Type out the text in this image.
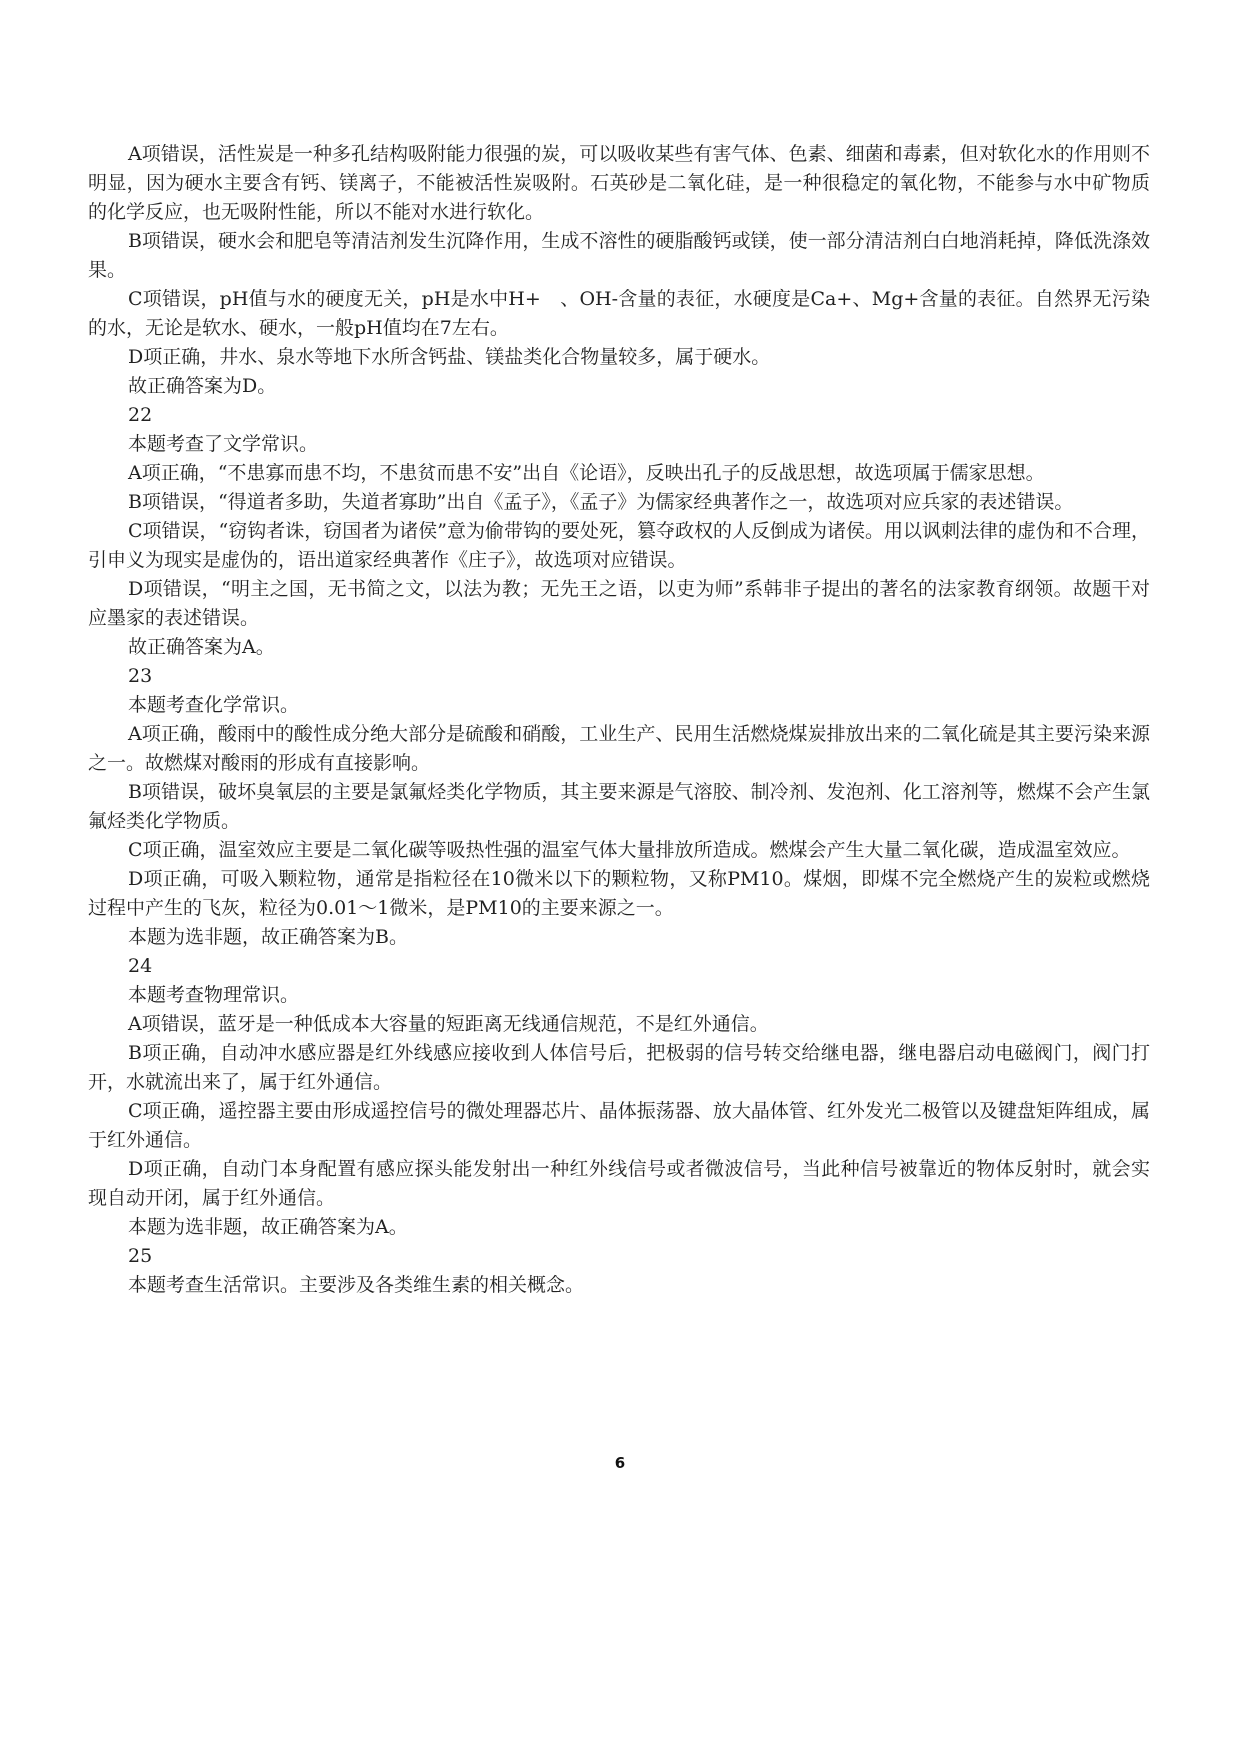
A项错误，活性炭是一种多孔结构吸附能力很强的炭，可以吸收某些有害气体、色素、细菌和毒素，但对软化水的作用则不明显，因为硬水主要含有钙、镁离子，不能被活性炭吸附。石英砂是二氧化硅，是一种很稳定的氧化物，不能参与水中矿物质的化学反应，也无吸附性能，所以不能对水进行软化。

B项错误，硬水会和肥皂等清洁剂发生沉降作用，生成不溶性的硬脂酸钙或镁，使一部分清洁剂白白地消耗掉，降低洗涤效果。

C项错误，pH值与水的硬度无关，pH是水中H+　、OH-含量的表征，水硬度是Ca+、Mg+含量的表征。自然界无污染的水，无论是软水、硬水，一般pH值均在7左右。

D项正确，井水、泉水等地下水所含钙盐、镁盐类化合物量较多，属于硬水。

故正确答案为D。

22

本题考查了文学常识。

A项正确，“不患寡而患不均，不患贫而患不安”出自《论语》，反映出孔子的反战思想，故选项属于儒家思想。

B项错误，“得道者多助，失道者寡助”出自《孟子》，《孟子》为儒家经典著作之一，故选项对应兵家的表述错误。

C项错误，“窃钩者诛，窃国者为诸侯”意为偷带钩的要处死，篡夺政权的人反倒成为诸侯。用以讽刺法律的虚伪和不合理，引申义为现实是虚伪的，语出道家经典著作《庄子》，故选项对应错误。

D项错误，“明主之国，无书简之文，以法为教；无先王之语，以吏为师”系韩非子提出的著名的法家教育纲领。故题干对应墨家的表述错误。

故正确答案为A。

23

本题考查化学常识。

A项正确，酸雨中的酸性成分绝大部分是硫酸和硝酸，工业生产、民用生活燃烧煤炭排放出来的二氧化硫是其主要污染来源之一。故燃煤对酸雨的形成有直接影响。

B项错误，破坏臭氧层的主要是氯氟烃类化学物质，其主要来源是气溶胶、制冷剂、发泡剂、化工溶剂等，燃煤不会产生氯氟烃类化学物质。

C项正确，温室效应主要是二氧化碳等吸热性强的温室气体大量排放所造成。燃煤会产生大量二氧化碳，造成温室效应。

D项正确，可吸入颗粒物，通常是指粒径在10微米以下的颗粒物，又称PM10。煤烟，即煤不完全燃烧产生的炭粒或燃烧过程中产生的飞灰，粒径为0.01～1微米，是PM10的主要来源之一。

本题为选非题，故正确答案为B。

24

本题考查物理常识。

A项错误，蓝牙是一种低成本大容量的短距离无线通信规范，不是红外通信。

B项正确，自动冲水感应器是红外线感应接收到人体信号后，把极弱的信号转交给继电器，继电器启动电磁阀门，阀门打开，水就流出来了，属于红外通信。

C项正确，遥控器主要由形成遥控信号的微处理器芯片、晶体振荡器、放大晶体管、红外发光二极管以及键盘矩阵组成，属于红外通信。

D项正确，自动门本身配置有感应探头能发射出一种红外线信号或者微波信号，当此种信号被靠近的物体反射时，就会实现自动开闭，属于红外通信。

本题为选非题，故正确答案为A。

25

本题考查生活常识。主要涉及各类维生素的相关概念。

6
